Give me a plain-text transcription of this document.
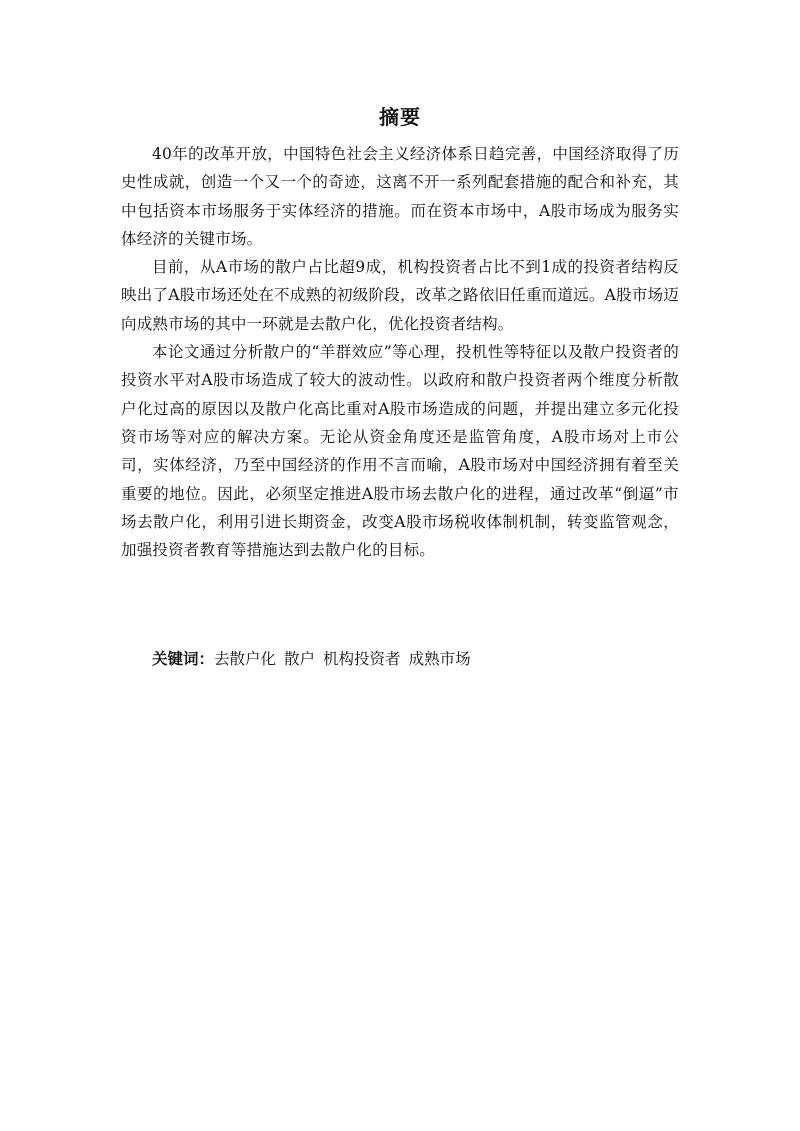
摘要

40年的改革开放，中国特色社会主义经济体系日趋完善，中国经济取得了历史性成就，创造一个又一个的奇迹，这离不开一系列配套措施的配合和补充，其中包括资本市场服务于实体经济的措施。而在资本市场中，A股市场成为服务实体经济的关键市场。

目前，从A市场的散户占比超9成，机构投资者占比不到1成的投资者结构反映出了A股市场还处在不成熟的初级阶段，改革之路依旧任重而道远。A股市场迈向成熟市场的其中一环就是去散户化，优化投资者结构。

本论文通过分析散户的“羊群效应”等心理，投机性等特征以及散户投资者的投资水平对A股市场造成了较大的波动性。以政府和散户投资者两个维度分析散户化过高的原因以及散户化高比重对A股市场造成的问题，并提出建立多元化投资市场等对应的解决方案。无论从资金角度还是监管角度，A股市场对上市公司，实体经济，乃至中国经济的作用不言而喻，A股市场对中国经济拥有着至关重要的地位。因此，必须坚定推进A股市场去散户化的进程，通过改革“倒逼”市场去散户化，利用引进长期资金，改变A股市场税收体制机制，转变监管观念，加强投资者教育等措施达到去散户化的目标。

关键词：去散户化 散户 机构投资者 成熟市场
